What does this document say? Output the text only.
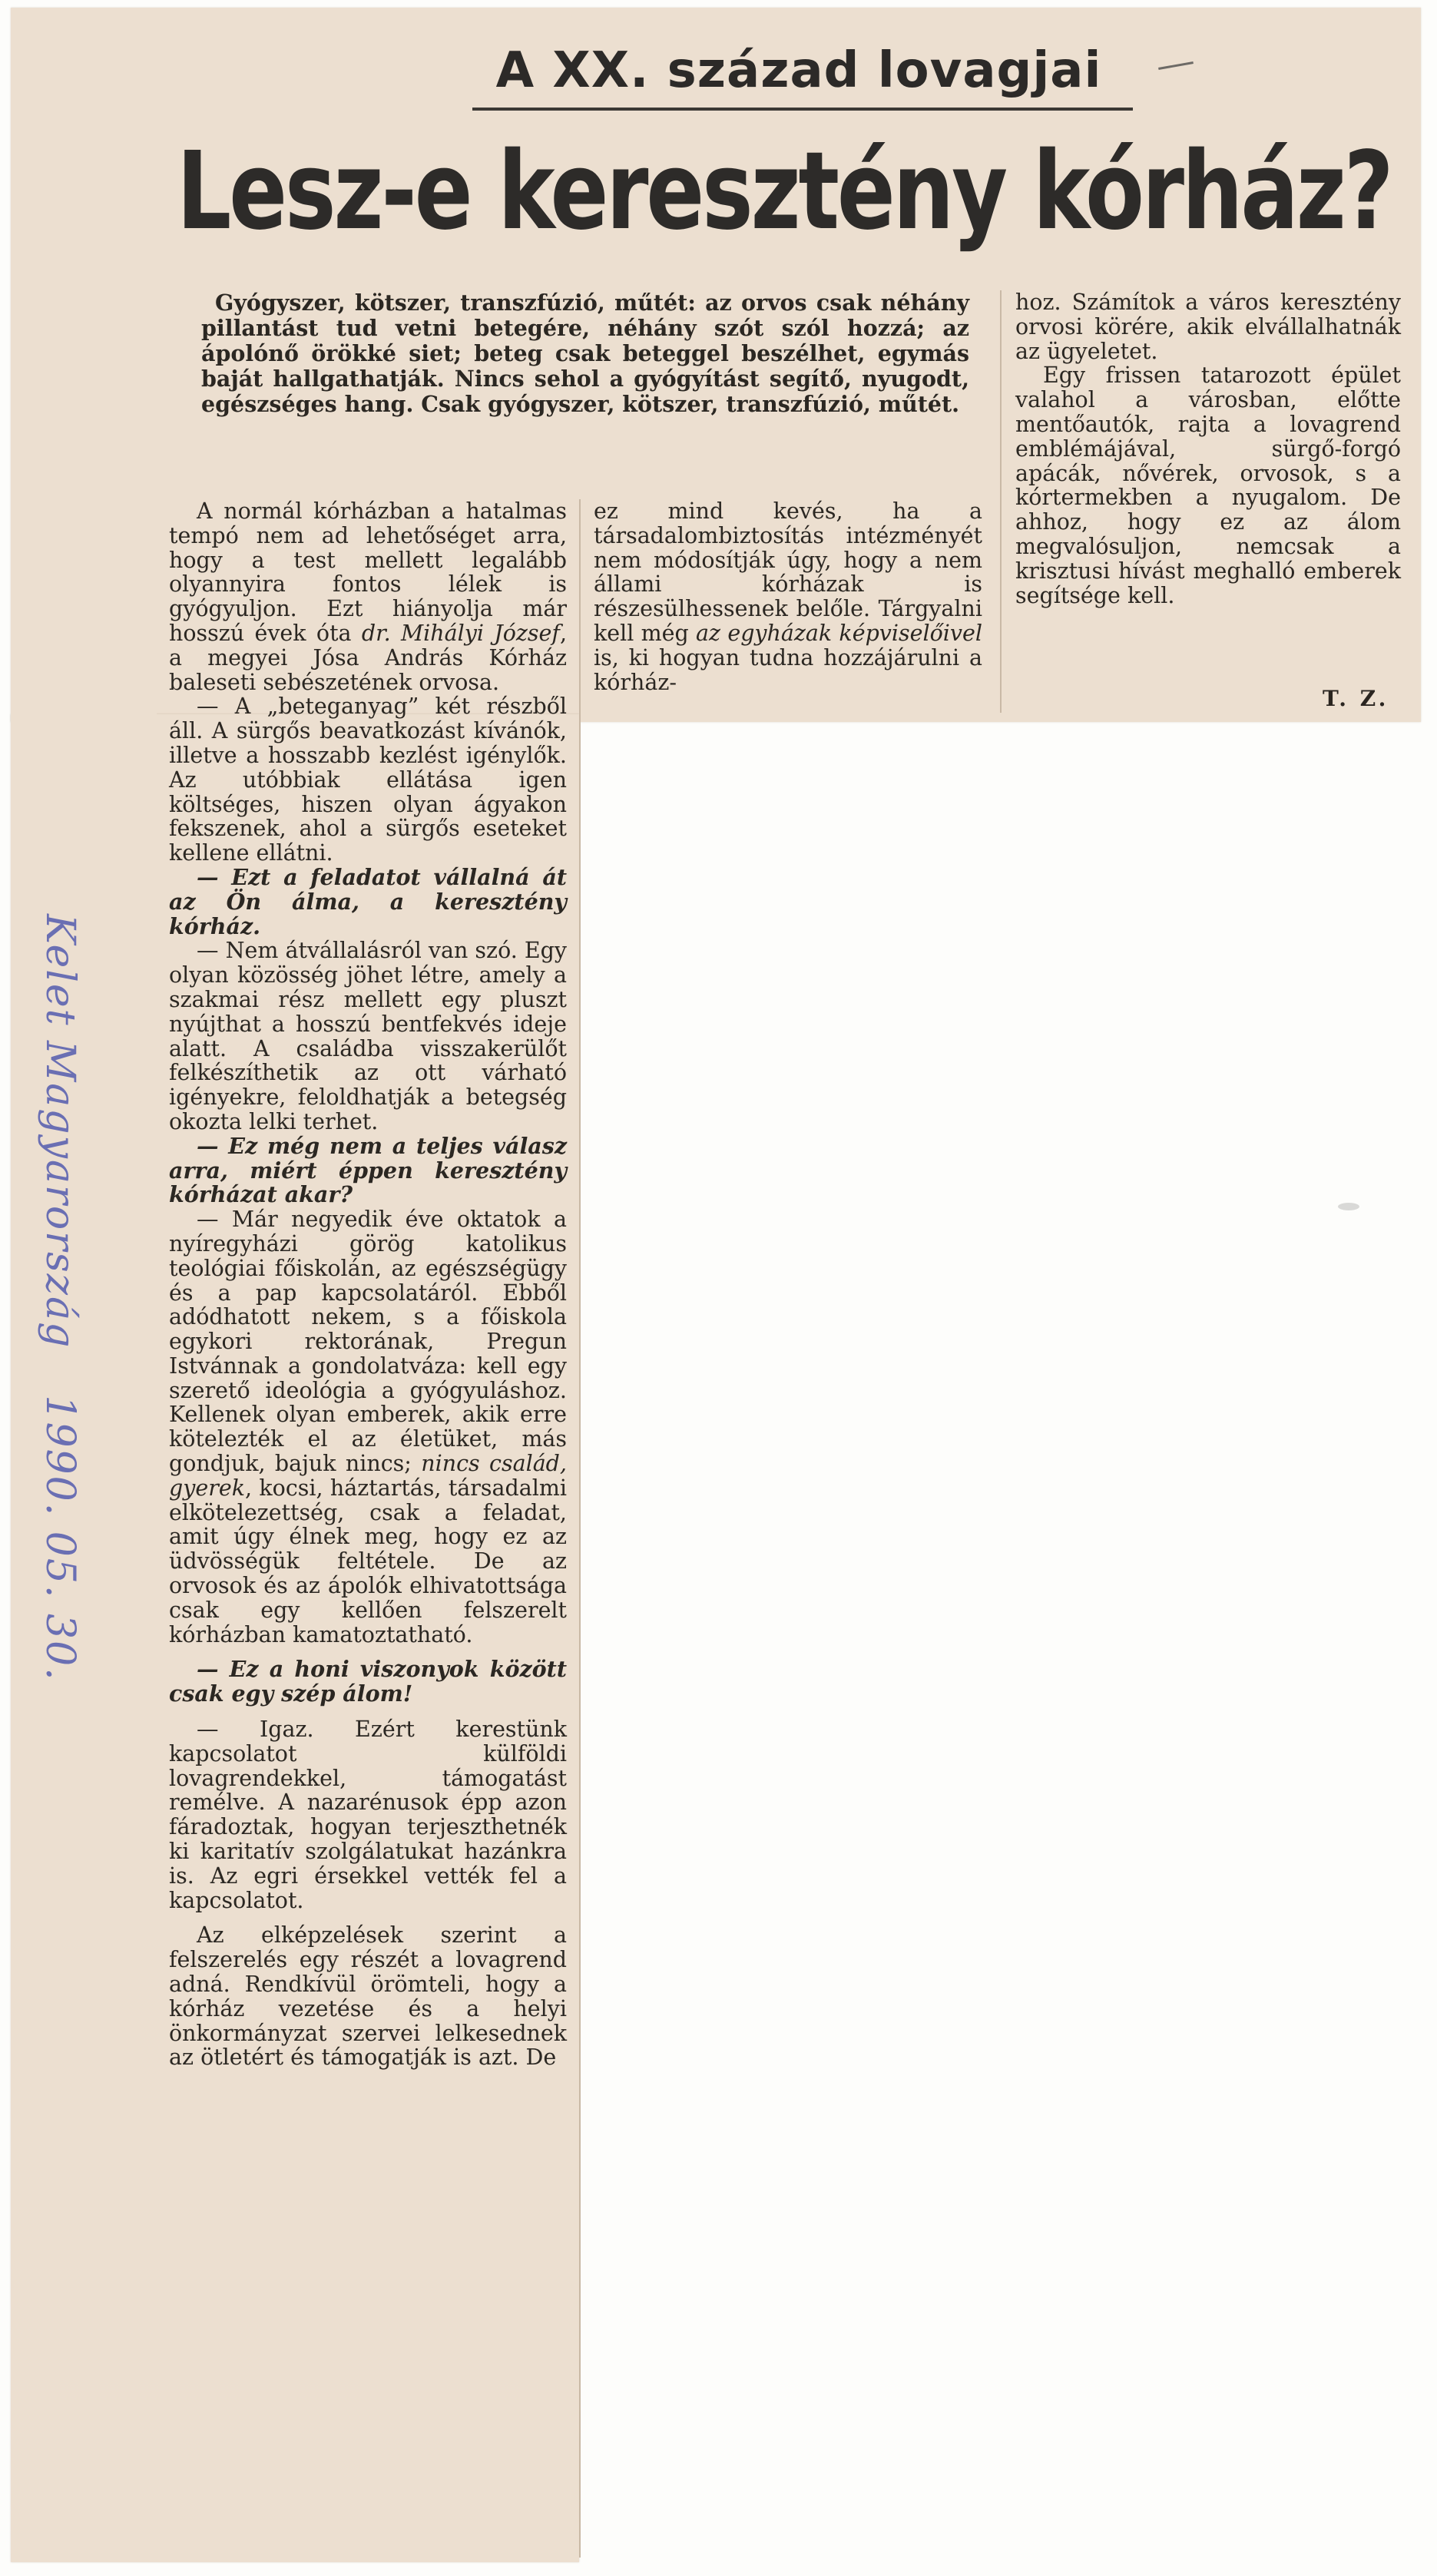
A XX. század lovagjai
Lesz-e keresztény kórház?

Gyógyszer, kötszer, transzfúzió, műtét: az orvos csak néhány pillantást tud vetni betegére, néhány szót szól hozzá; az ápolónő örökké siet; beteg csak beteggel beszélhet, egymás baját hallgathatják. Nincs sehol a gyógyítást segítő, nyugodt, egészséges hang. Csak gyógyszer, kötszer, transzfúzió, műtét.

A normál kórházban a hatalmas tempó nem ad lehetőséget arra, hogy a test mellett legalább olyannyira fontos lélek is gyógyuljon. Ezt hiányolja már hosszú évek óta dr. Mihályi József, a megyei Jósa András Kórház baleseti sebészetének orvosa.

— A „beteganyag” két részből áll. A sürgős beavatkozást kívánók, illetve a hosszabb kezlést igénylők. Az utóbbiak ellátása igen költséges, hiszen olyan ágyakon fekszenek, ahol a sürgős eseteket kellene ellátni.

— Ezt a feladatot vállalná át az Ön álma, a keresztény kórház.

— Nem átvállalásról van szó. Egy olyan közösség jöhet létre, amely a szakmai rész mellett egy pluszt nyújthat a hosszú bentfekvés ideje alatt. A családba visszakerülőt felkészíthetik az ott várható igényekre, feloldhatják a betegség okozta lelki terhet.

— Ez még nem a teljes válasz arra, miért éppen keresztény kórházat akar?

— Már negyedik éve oktatok a nyíregyházi görög katolikus teológiai főiskolán, az egészségügy és a pap kapcsolatáról. Ebből adódhatott nekem, s a főiskola egykori rektorának, Pregun Istvánnak a gondolatváza: kell egy szerető ideológia a gyógyuláshoz. Kellenek olyan emberek, akik erre kötelezték el az életüket, más gondjuk, bajuk nincs; nincs család, gyerek, kocsi, háztartás, társadalmi elkötelezettség, csak a feladat, amit úgy élnek meg, hogy ez az üdvösségük feltétele. De az orvosok és az ápolók elhivatottsága csak egy kellően felszerelt kórházban kamatoztatható.

— Ez a honi viszonyok között csak egy szép álom!

— Igaz. Ezért kerestünk kapcsolatot külföldi lovagrendekkel, támogatást remélve. A nazarénusok épp azon fáradoztak, hogyan terjeszthetnék ki karitatív szolgálatukat hazánkra is. Az egri érsekkel vették fel a kapcsolatot.

Az elképzelések szerint a felszerelés egy részét a lovagrend adná. Rendkívül örömteli, hogy a kórház vezetése és a helyi önkormányzat szervei lelkesednek az ötletért és támogatják is azt. De

ez mind kevés, ha a társadalombiztosítás intézményét nem módosítják úgy, hogy a nem állami kórházak is részesülhessenek belőle. Tárgyalni kell még az egyházak képviselőivel is, ki hogyan tudna hozzájárulni a kórház-

hoz. Számítok a város keresztény orvosi körére, akik elvállalhatnák az ügyeletet.

Egy frissen tatarozott épület valahol a városban, előtte mentőautók, rajta a lovagrend emblémájával, sürgő-forgó apácák, nővérek, orvosok, s a kórtermekben a nyugalom. De ahhoz, hogy ez az álom megvalósuljon, nemcsak a krisztusi hívást meghalló emberek segítsége kell.

T. Z.
Kelet Magyarország1990. 05. 30.
